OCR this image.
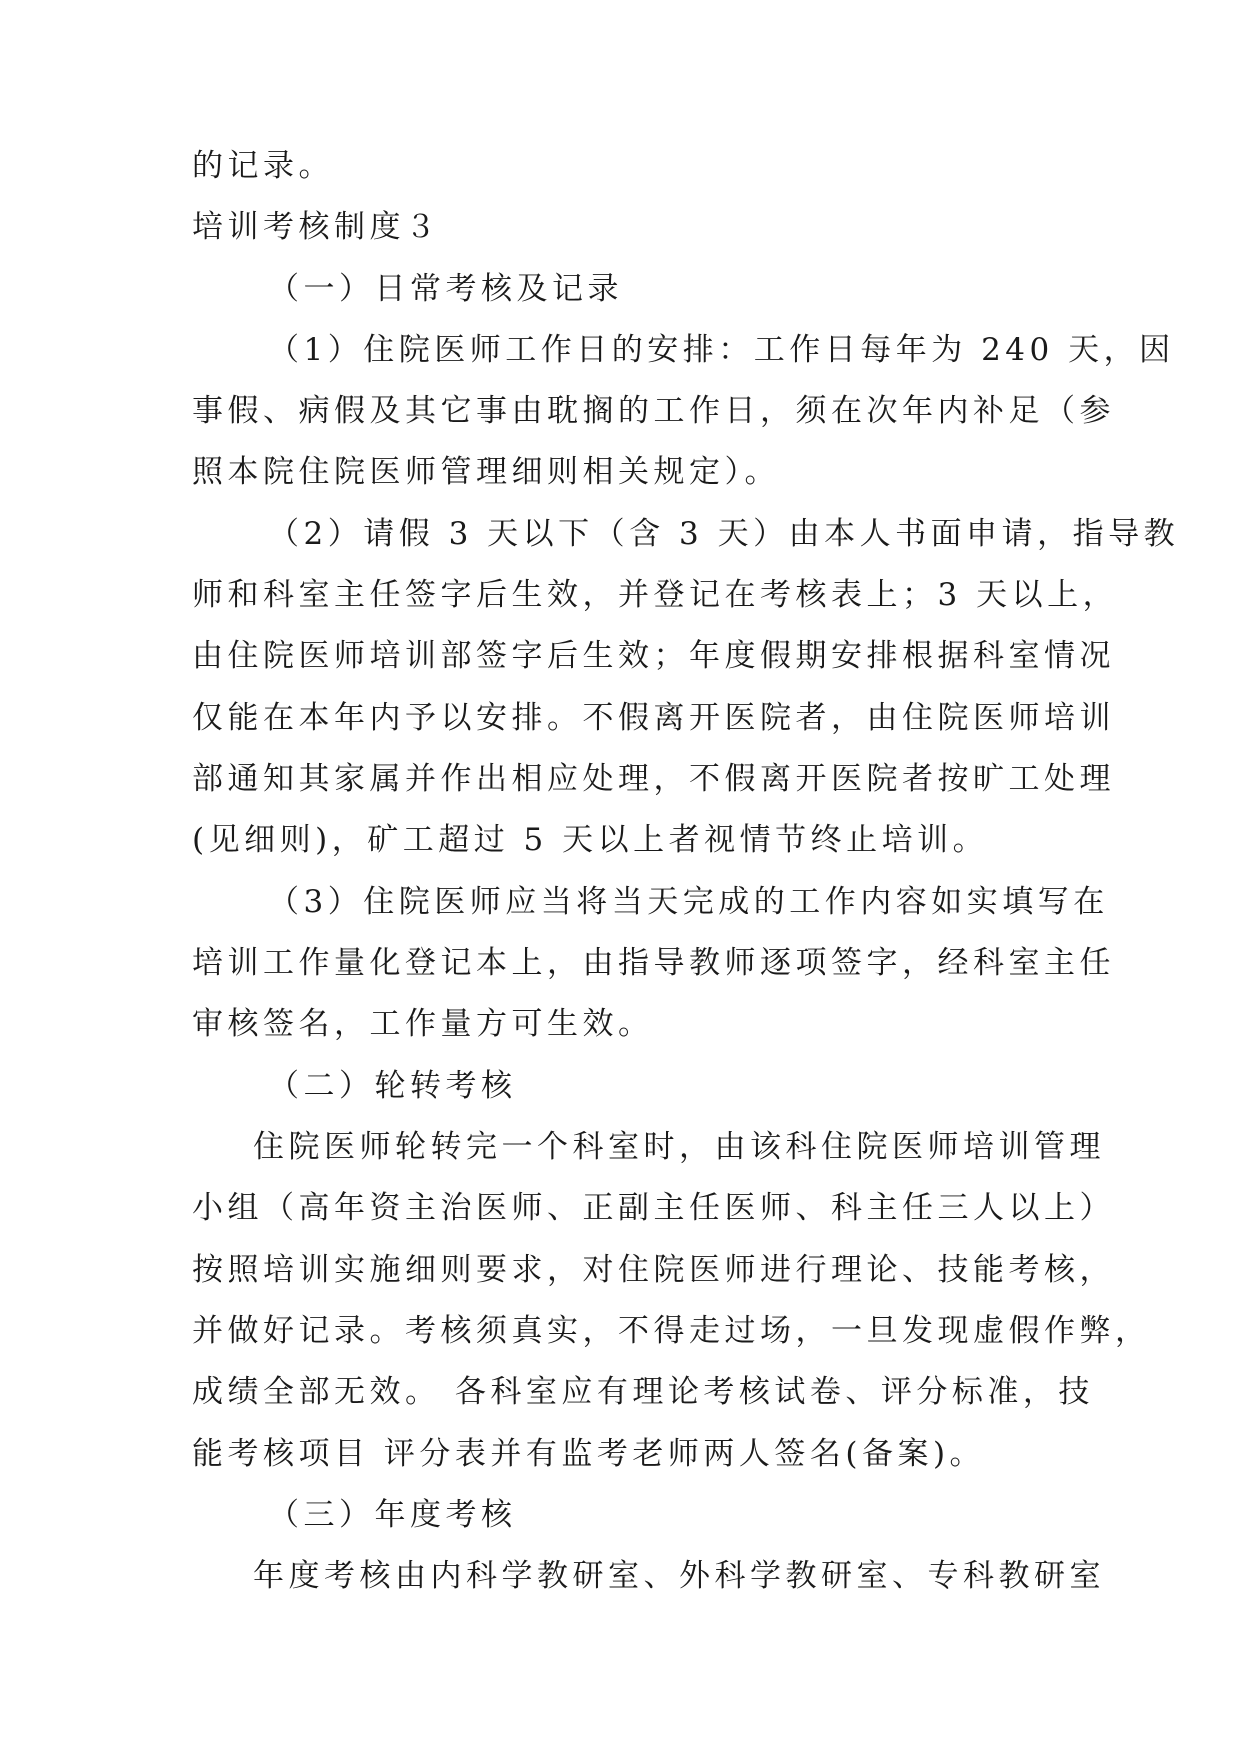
的记录。
培训考核制度３
（一）日常考核及记录
（1）住院医师工作日的安排：工作日每年为 240 天，因
事假、病假及其它事由耽搁的工作日，须在次年内补足（参
照本院住院医师管理细则相关规定）。
（2）请假 3 天以下（含 3 天）由本人书面申请，指导教
师和科室主任签字后生效，并登记在考核表上；3 天以上，
由住院医师培训部签字后生效；年度假期安排根据科室情况
仅能在本年内予以安排。不假离开医院者，由住院医师培训
部通知其家属并作出相应处理，不假离开医院者按旷工处理
(见细则)，矿工超过 5 天以上者视情节终止培训。
（3）住院医师应当将当天完成的工作内容如实填写在
培训工作量化登记本上，由指导教师逐项签字，经科室主任
审核签名，工作量方可生效。
（二）轮转考核
住院医师轮转完一个科室时，由该科住院医师培训管理
小组（高年资主治医师、正副主任医师、科主任三人以上）
按照培训实施细则要求，对住院医师进行理论、技能考核，
并做好记录。考核须真实，不得走过场，一旦发现虚假作弊，
成绩全部无效。 各科室应有理论考核试卷、评分标准，技
能考核项目 评分表并有监考老师两人签名(备案)。
（三）年度考核
年度考核由内科学教研室、外科学教研室、专科教研室
